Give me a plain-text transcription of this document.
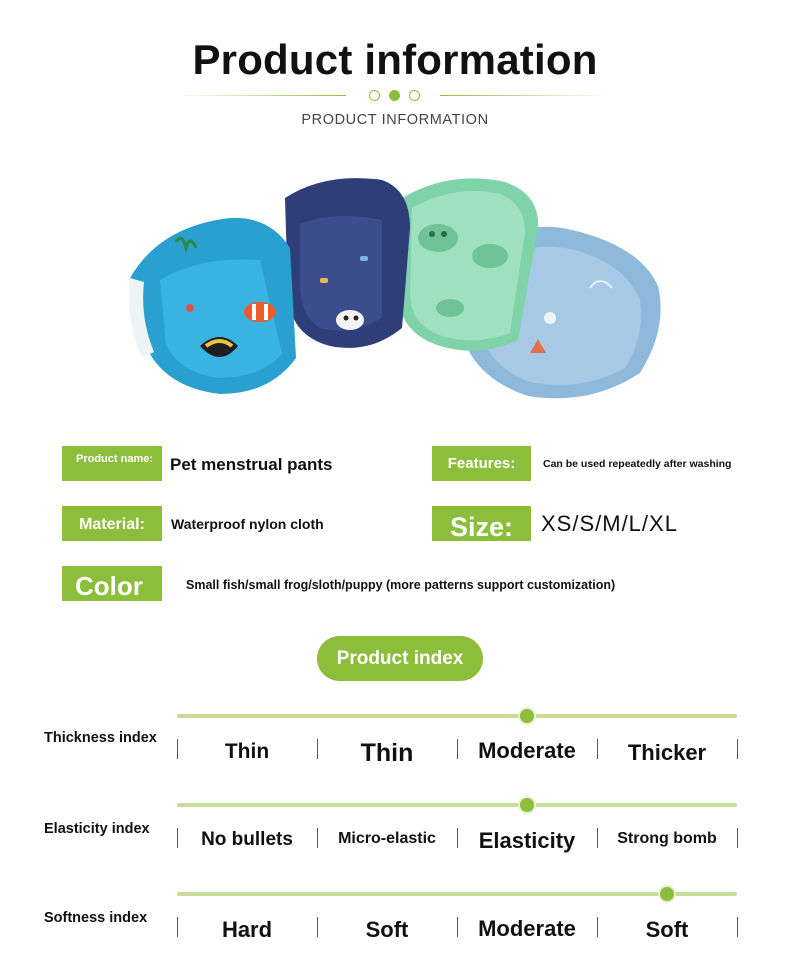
Product information
PRODUCT INFORMATION
Product name: Pet menstrual pants	Features:	Can be used repeatedly after washing
Material:	Waterproof nylon cloth	Size:	XS/S/M/L/XL
Color	Small fish/small frog/sloth/puppy (more patterns support customization)
Product index
Thickness index
Thin	Thin	Moderate	Thicker
Elasticity index	No bullets	Micro-elastic	Elasticity	Strong bomb
Softness index	Hard	Soft	Moderate	Soft
